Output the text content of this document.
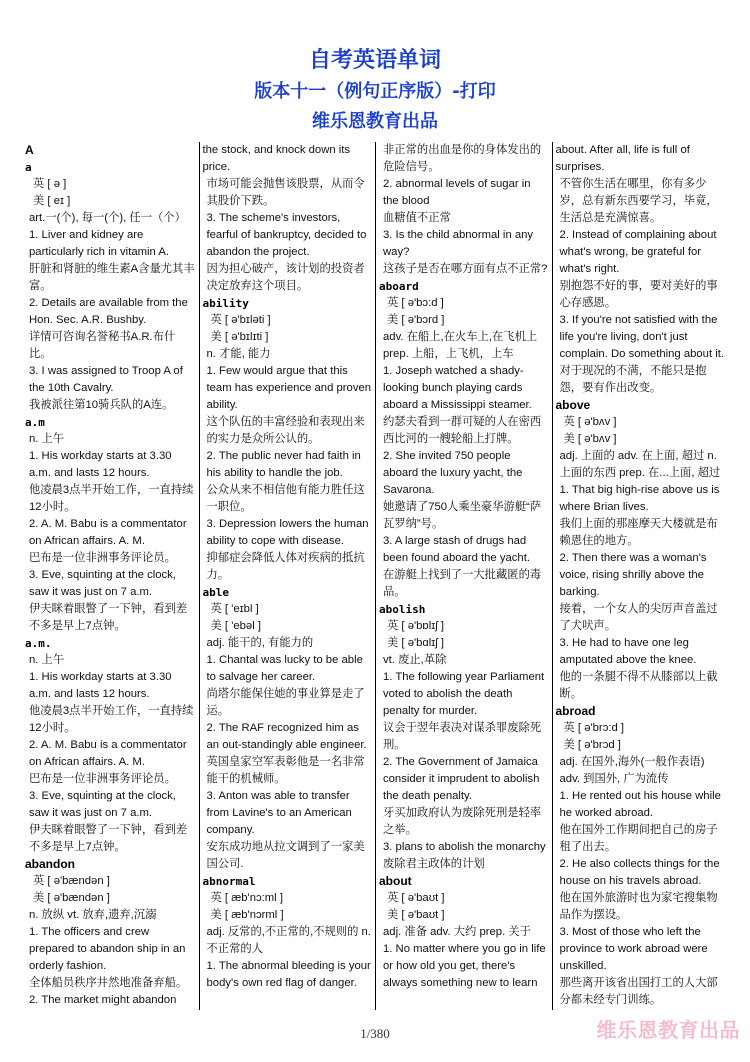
自考英语单词
版本十一（例句正序版）-打印
维乐恩教育出品
A
a
英 [ ə ]
美 [ eɪ ]
art.一(个), 每一(个), 任一（个）
1. Liver and kidney are particularly rich in vitamin A.
肝脏和肾脏的维生素A含量尤其丰富。
2. Details are available from the Hon. Sec. A.R. Bushby.
详情可咨询名誉秘书A.R.布什比。
3. I was assigned to Troop A of the 10th Cavalry.
我被派往第10骑兵队的A连。
a.m
n. 上午
1. His workday starts at 3.30 a.m. and lasts 12 hours.
他凌晨3点半开始工作，一直持续12小时。
2. A. M. Babu is a commentator on African affairs. A. M.
巴布是一位非洲事务评论员。
3. Eve, squinting at the clock, saw it was just on 7 a.m.
伊夫眯着眼瞥了一下钟，看到差不多是早上7点钟。
a.m.
n. 上午
1. His workday starts at 3.30 a.m. and lasts 12 hours.
他凌晨3点半开始工作，一直持续12小时。
2. A. M. Babu is a commentator on African affairs. A. M.
巴布是一位非洲事务评论员。
3. Eve, squinting at the clock, saw it was just on 7 a.m.
伊夫眯着眼瞥了一下钟，看到差不多是早上7点钟。
abandon
英 [ ə'bændən ]
美 [ ə'bændən ]
n. 放纵 vt. 放弃,遗弃,沉溺
1. The officers and crew prepared to abandon ship in an orderly fashion.
全体船员秩序井然地准备弃船。
2. The market might abandon
the stock, and knock down its price.
市场可能会抛售该股票，从而令其股价下跌。
3. The scheme's investors, fearful of bankruptcy, decided to abandon the project.
因为担心破产，该计划的投资者决定放弃这个项目。
ability
英 [ ə'bɪləti ]
美 [ ə'bɪlɪti ]
n. 才能, 能力
1. Few would argue that this team has experience and proven ability.
这个队伍的丰富经验和表现出来的实力是众所公认的。
2. The public never had faith in his ability to handle the job.
公众从来不相信他有能力胜任这一职位。
3. Depression lowers the human ability to cope with disease.
抑郁症会降低人体对疾病的抵抗力。
able
英 [ 'eɪbl ]
美 [ 'ebəl ]
adj. 能干的, 有能力的
1. Chantal was lucky to be able to salvage her career.
尚塔尔能保住她的事业算是走了运。
2. The RAF recognized him as an out-standingly able engineer.
英国皇家空军表彰他是一名非常能干的机械师。
3. Anton was able to transfer from Lavine's to an American company.
安东成功地从拉文调到了一家美国公司.
abnormal
英 [ æb'nɔ:ml ]
美 [ æb'nɔrml ]
adj. 反常的,不正常的,不规则的 n. 不正常的人
1. The abnormal bleeding is your body's own red flag of danger.
非正常的出血是你的身体发出的危险信号。
2. abnormal levels of sugar in the blood
血糖值不正常
3. Is the child abnormal in any way?
这孩子是否在哪方面有点不正常?
aboard
英 [ ə'bɔ:d ]
美 [ ə'bɔrd ]
adv. 在船上,在火车上,在飞机上 prep. 上船，上飞机，上车
1. Joseph watched a shady-looking bunch playing cards aboard a Mississippi steamer.
约瑟夫看到一群可疑的人在密西西比河的一艘轮船上打牌。
2. She invited 750 people aboard the luxury yacht, the Savarona.
她邀请了750人乘坐豪华游艇“萨瓦罗纳”号。
3. A large stash of drugs had been found aboard the yacht.
在游艇上找到了一大批藏匿的毒品。
abolish
英 [ ə'bɒlɪʃ ]
美 [ ə'bɑlɪʃ ]
vt. 废止,革除
1. The following year Parliament voted to abolish the death penalty for murder.
议会于翌年表决对谋杀罪废除死刑。
2. The Government of Jamaica consider it imprudent to abolish the death penalty.
牙买加政府认为废除死刑是轻率之举。
3. plans to abolish the monarchy
废除君主政体的计划
about
英 [ ə'baʊt ]
美 [ ə'baʊt ]
adj. 准备 adv. 大约 prep. 关于
1. No matter where you go in life or how old you get, there's always something new to learn
about. After all, life is full of surprises.
不管你生活在哪里，你有多少岁，总有新东西要学习，毕竟，生活总是充满惊喜。
2. Instead of complaining about what's wrong, be grateful for what's right.
别抱怨不好的事，要对美好的事心存感恩。
3. If you're not satisfied with the life you're living, don't just complain. Do something about it.
对于现况的不满，不能只是抱怨，要有作出改变。
above
英 [ ə'bʌv ]
美 [ ə'bʌv ]
adj. 上面的 adv. 在上面, 超过 n. 上面的东西 prep. 在...上面, 超过
1. That big high-rise above us is where Brian lives.
我们上面的那座摩天大楼就是布赖恩住的地方。
2. Then there was a woman's voice, rising shrilly above the barking.
接着，一个女人的尖厉声音盖过了犬吠声。
3. He had to have one leg amputated above the knee.
他的一条腿不得不从膝部以上截断。
abroad
英 [ ə'brɔ:d ]
美 [ ə'brɔd ]
adj. 在国外,海外(一般作表语) adv. 到国外, 广为流传
1. He rented out his house while he worked abroad.
他在国外工作期间把自己的房子租了出去。
2. He also collects things for the house on his travels abroad.
他在国外旅游时也为家宅搜集物品作为摆设。
3. Most of those who left the province to work abroad were unskilled.
那些离开该省出国打工的人大部分都未经专门训练。
1/380	维乐恩教育出品
